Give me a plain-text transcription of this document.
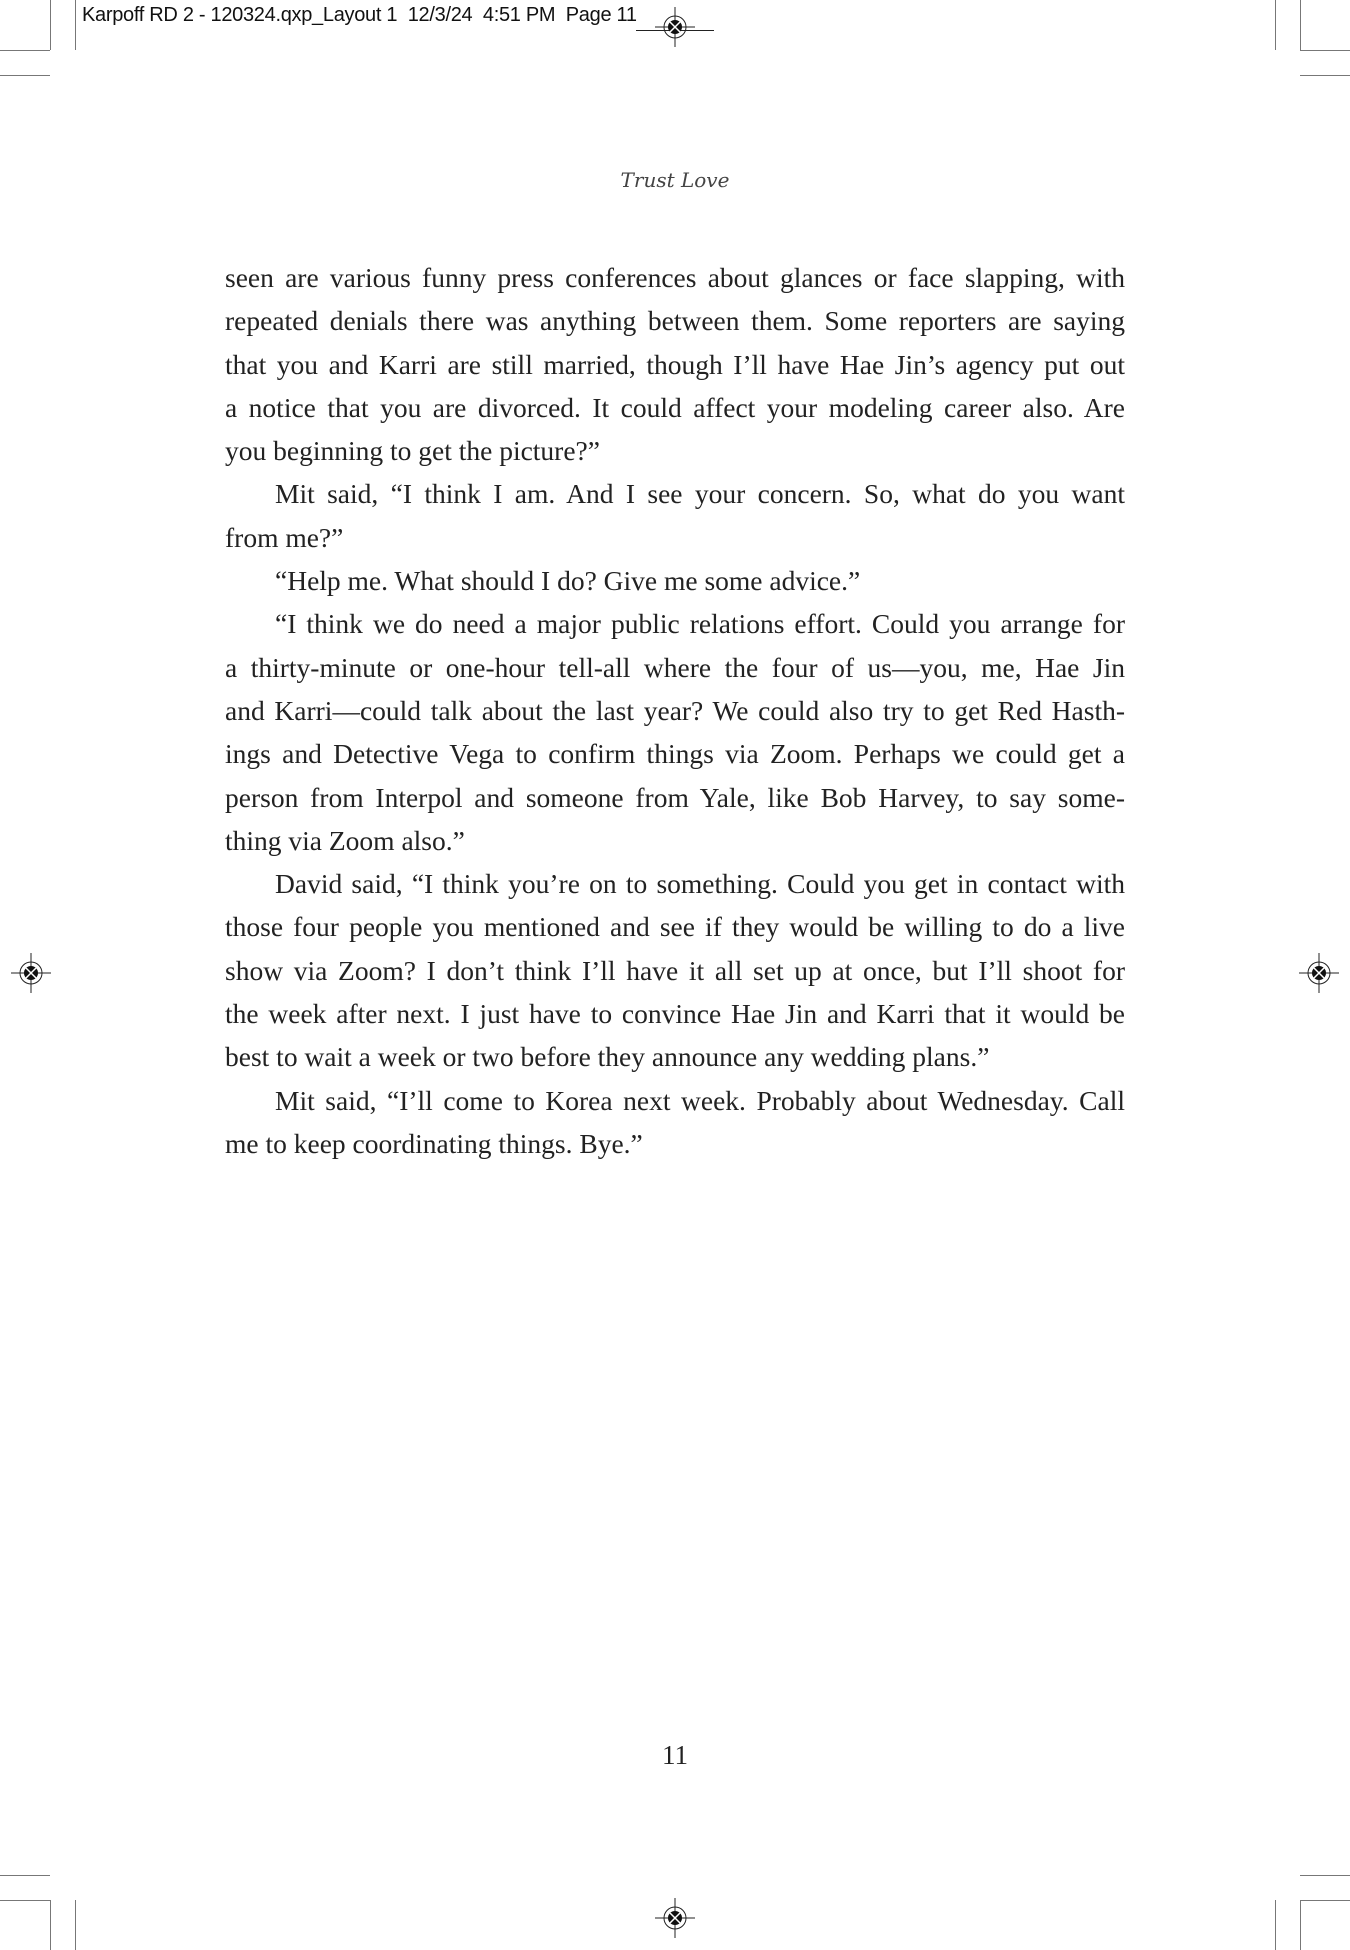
Karpoff RD 2 - 120324.qxp_Layout 1  12/3/24  4:51 PM  Page 11
Trust Love
seen are various funny press conferences about glances or face slapping, with
repeated denials there was anything between them. Some reporters are saying
that you and Karri are still married, though I’ll have Hae Jin’s agency put out
a notice that you are divorced. It could affect your modeling career also. Are
you beginning to get the picture?”
Mit said, “I think I am. And I see your concern. So, what do you want
from me?”
“Help me. What should I do? Give me some advice.”
“I think we do need a major public relations effort. Could you arrange for
a thirty-minute or one-hour tell-all where the four of us—you, me, Hae Jin
and Karri—could talk about the last year? We could also try to get Red Hasth-
ings and Detective Vega to confirm things via Zoom. Perhaps we could get a
person from Interpol and someone from Yale, like Bob Harvey, to say some-
thing via Zoom also.”
David said, “I think you’re on to something. Could you get in contact with
those four people you mentioned and see if they would be willing to do a live
show via Zoom? I don’t think I’ll have it all set up at once, but I’ll shoot for
the week after next. I just have to convince Hae Jin and Karri that it would be
best to wait a week or two before they announce any wedding plans.”
Mit said, “I’ll come to Korea next week. Probably about Wednesday. Call
me to keep coordinating things. Bye.”
11
